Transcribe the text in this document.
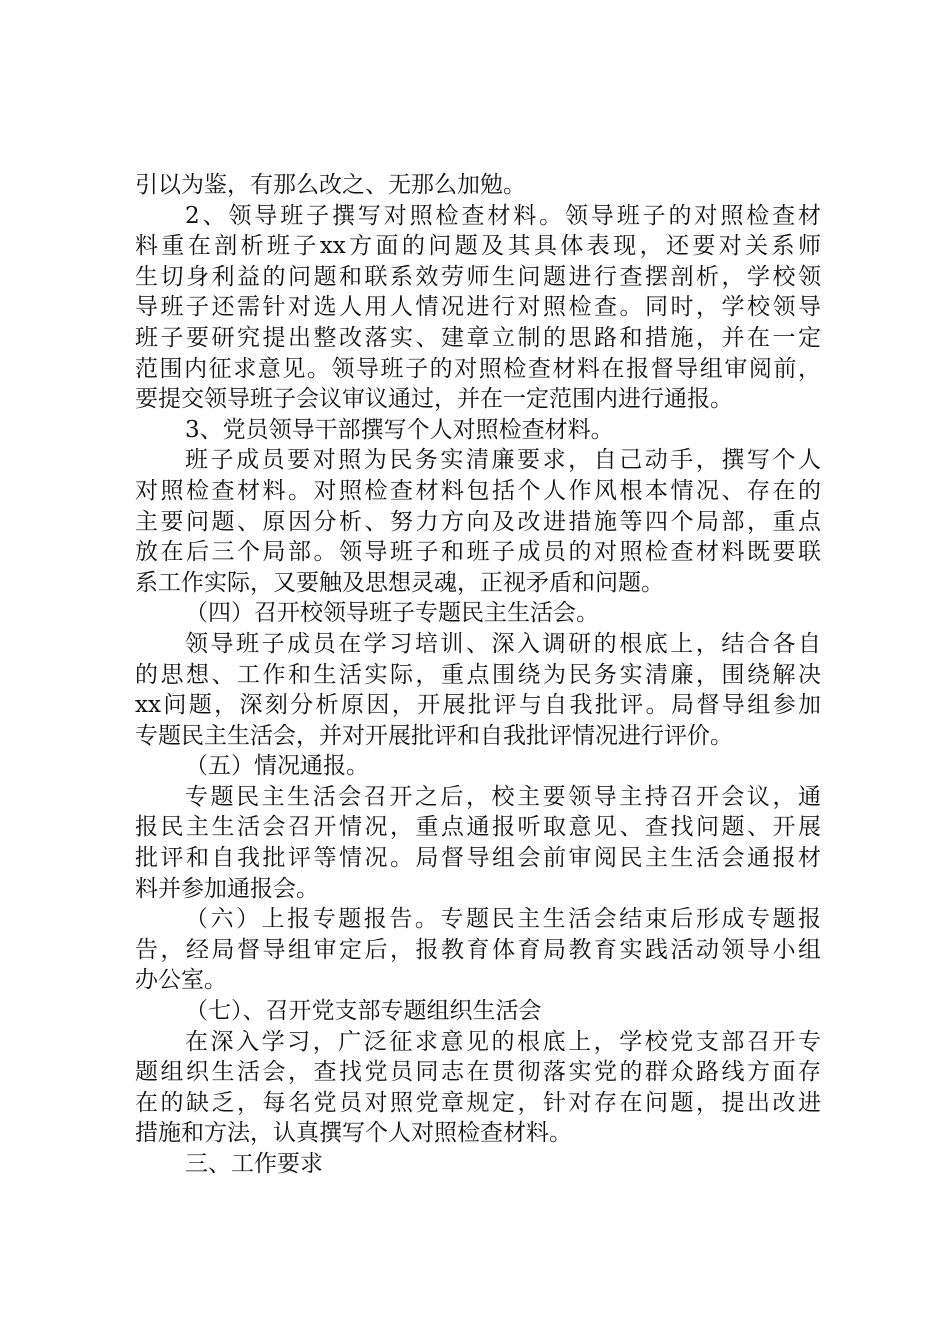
引以为鉴，有那么改之、无那么加勉。
2、领导班子撰写对照检查材料。领导班子的对照检查材
料重在剖析班子xx方面的问题及其具体表现，还要对关系师
生切身利益的问题和联系效劳师生问题进行查摆剖析，学校领
导班子还需针对选人用人情况进行对照检查。同时，学校领导
班子要研究提出整改落实、建章立制的思路和措施，并在一定
范围内征求意见。领导班子的对照检查材料在报督导组审阅前，
要提交领导班子会议审议通过，并在一定范围内进行通报。
3、党员领导干部撰写个人对照检查材料。
班子成员要对照为民务实清廉要求，自己动手，撰写个人
对照检查材料。对照检查材料包括个人作风根本情况、存在的
主要问题、原因分析、努力方向及改进措施等四个局部，重点
放在后三个局部。领导班子和班子成员的对照检查材料既要联
系工作实际，又要触及思想灵魂，正视矛盾和问题。
（四）召开校领导班子专题民主生活会。
领导班子成员在学习培训、深入调研的根底上，结合各自
的思想、工作和生活实际，重点围绕为民务实清廉，围绕解决
xx问题，深刻分析原因，开展批评与自我批评。局督导组参加
专题民主生活会，并对开展批评和自我批评情况进行评价。
（五）情况通报。
专题民主生活会召开之后，校主要领导主持召开会议，通
报民主生活会召开情况，重点通报听取意见、查找问题、开展
批评和自我批评等情况。局督导组会前审阅民主生活会通报材
料并参加通报会。
（六）上报专题报告。专题民主生活会结束后形成专题报
告，经局督导组审定后，报教育体育局教育实践活动领导小组
办公室。
（七）、召开党支部专题组织生活会
在深入学习，广泛征求意见的根底上，学校党支部召开专
题组织生活会，查找党员同志在贯彻落实党的群众路线方面存
在的缺乏，每名党员对照党章规定，针对存在问题，提出改进
措施和方法，认真撰写个人对照检查材料。
三、工作要求
